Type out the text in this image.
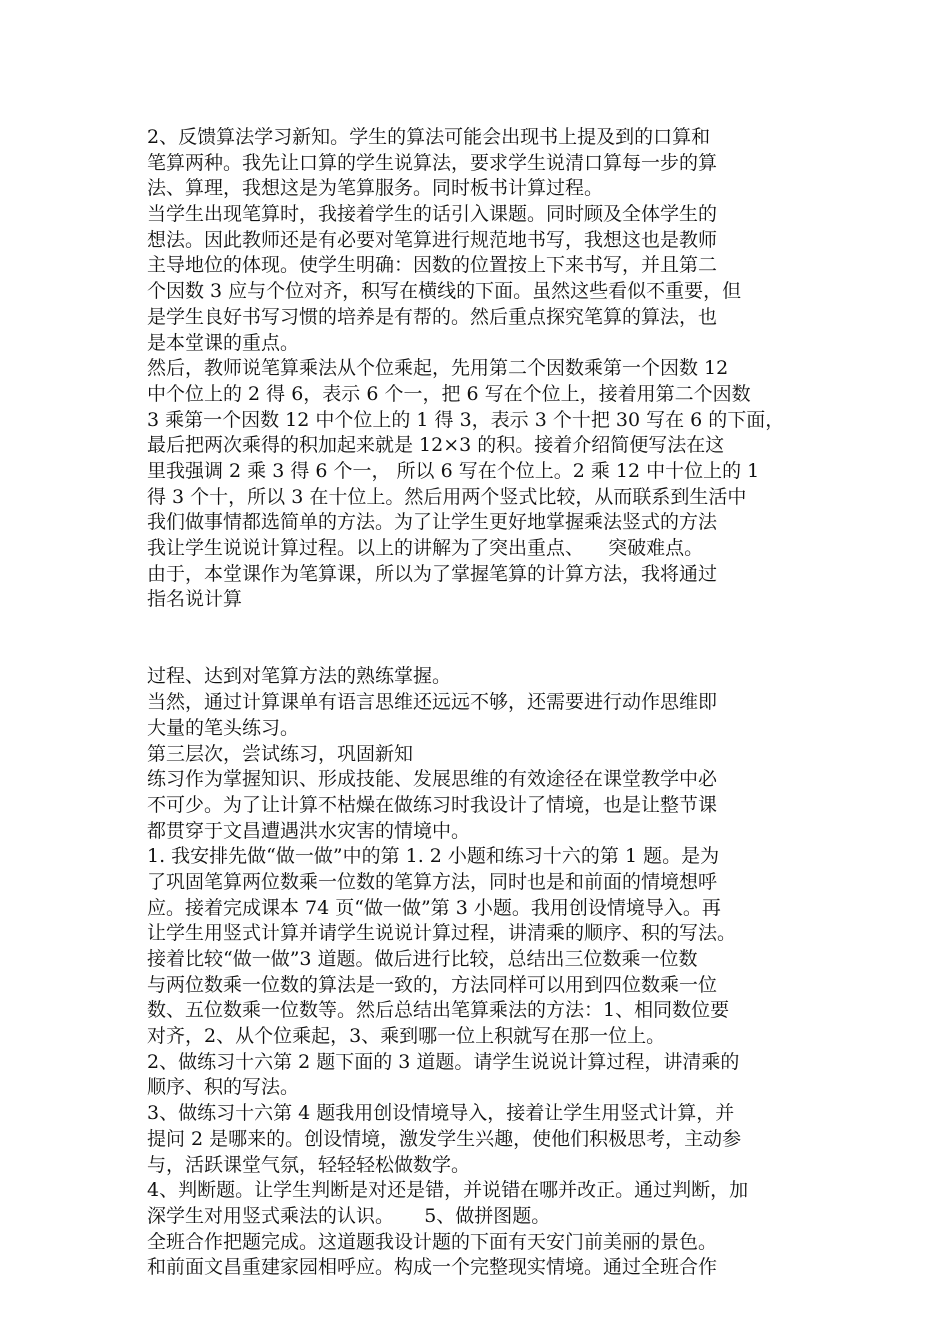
2、反馈算法学习新知。学生的算法可能会出现书上提及到的口算和
笔算两种。我先让口算的学生说算法，要求学生说清口算每一步的算
法、算理，我想这是为笔算服务。同时板书计算过程。
当学生出现笔算时，我接着学生的话引入课题。同时顾及全体学生的
想法。因此教师还是有必要对笔算进行规范地书写，我想这也是教师
主导地位的体现。使学生明确：因数的位置按上下来书写，并且第二
个因数 3 应与个位对齐，积写在横线的下面。虽然这些看似不重要，但
是学生良好书写习惯的培养是有帮的。然后重点探究笔算的算法，也
是本堂课的重点。
然后，教师说笔算乘法从个位乘起，先用第二个因数乘第一个因数 12
中个位上的 2 得 6，表示 6 个一，把 6 写在个位上，接着用第二个因数
3 乘第一个因数 12 中个位上的 1 得 3，表示 3 个十把 30 写在 6 的下面，
最后把两次乘得的积加起来就是 12×3 的积。接着介绍简便写法在这
里我强调 2 乘 3 得 6 个一， 所以 6 写在个位上。2 乘 12 中十位上的 1
得 3 个十，所以 3 在十位上。然后用两个竖式比较，从而联系到生活中
我们做事情都选简单的方法。为了让学生更好地掌握乘法竖式的方法
我让学生说说计算过程。以上的讲解为了突出重点、    突破难点。
由于，本堂课作为笔算课，所以为了掌握笔算的计算方法，我将通过
指名说计算
过程、达到对笔算方法的熟练掌握。
当然，通过计算课单有语言思维还远远不够，还需要进行动作思维即
大量的笔头练习。
第三层次，尝试练习，巩固新知
练习作为掌握知识、形成技能、发展思维的有效途径在课堂教学中必
不可少。为了让计算不枯燥在做练习时我设计了情境，也是让整节课
都贯穿于文昌遭遇洪水灾害的情境中。
1. 我安排先做“做一做”中的第 1. 2 小题和练习十六的第 1 题。是为
了巩固笔算两位数乘一位数的笔算方法，同时也是和前面的情境想呼
应。接着完成课本 74 页“做一做”第 3 小题。我用创设情境导入。再
让学生用竖式计算并请学生说说计算过程，讲清乘的顺序、积的写法。
接着比较“做一做”3 道题。做后进行比较，总结出三位数乘一位数
与两位数乘一位数的算法是一致的，方法同样可以用到四位数乘一位
数、五位数乘一位数等。然后总结出笔算乘法的方法：1、相同数位要
对齐，2、从个位乘起，3、乘到哪一位上积就写在那一位上。
2、做练习十六第 2 题下面的 3 道题。请学生说说计算过程，讲清乘的
顺序、积的写法。
3、做练习十六第 4 题我用创设情境导入，接着让学生用竖式计算，并
提问 2 是哪来的。创设情境，激发学生兴趣，使他们积极思考，主动参
与，活跃课堂气氛，轻轻轻松做数学。
4、判断题。让学生判断是对还是错，并说错在哪并改正。通过判断，加
深学生对用竖式乘法的认识。     5、做拼图题。
全班合作把题完成。这道题我设计题的下面有天安门前美丽的景色。
和前面文昌重建家园相呼应。构成一个完整现实情境。通过全班合作
